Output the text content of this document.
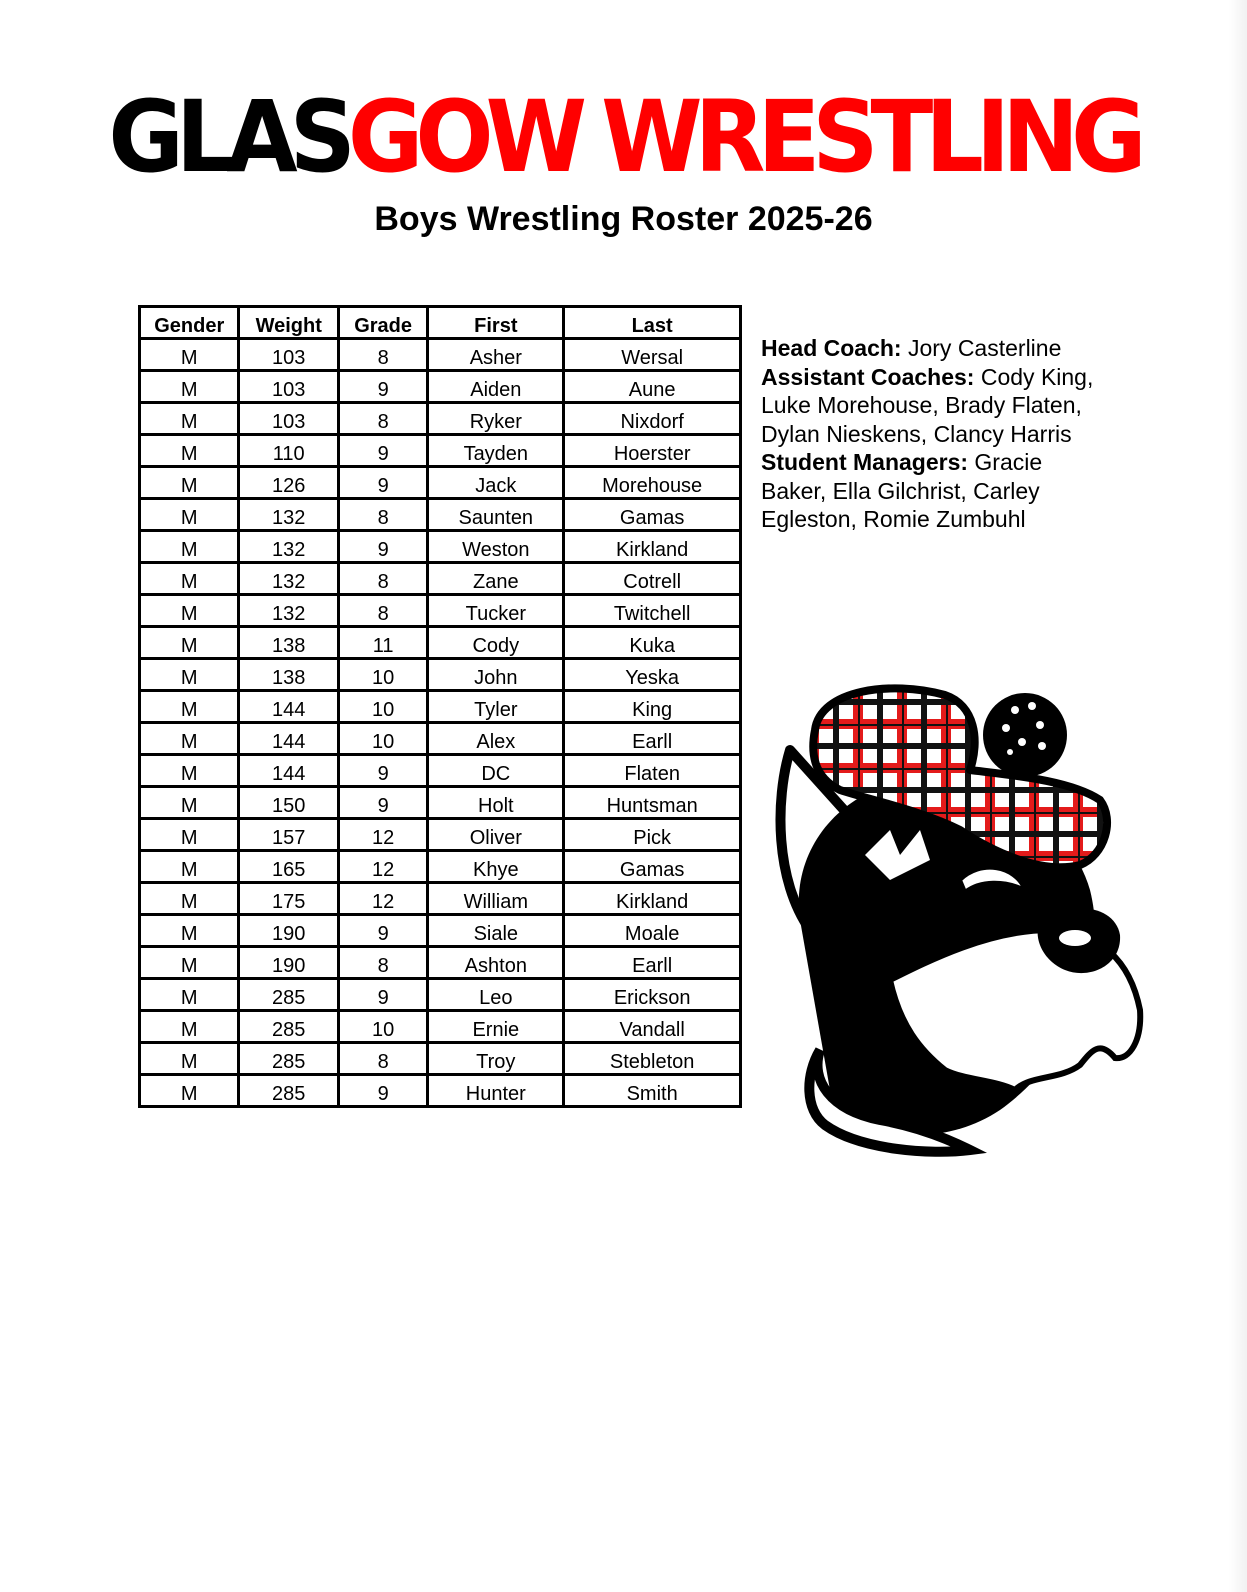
GLASGOW WRESTLING
Boys Wrestling Roster 2025-26
Gender	Weight	Grade	First	Last
M	103	8	Asher	Wersal
M	103	9	Aiden	Aune
M	103	8	Ryker	Nixdorf
M	110	9	Tayden	Hoerster
M	126	9	Jack	Morehouse
M	132	8	Saunten	Gamas
M	132	9	Weston	Kirkland
M	132	8	Zane	Cotrell
M	132	8	Tucker	Twitchell
M	138	11	Cody	Kuka
M	138	10	John	Yeska
M	144	10	Tyler	King
M	144	10	Alex	Earll
M	144	9	DC	Flaten
M	150	9	Holt	Huntsman
M	157	12	Oliver	Pick
M	165	12	Khye	Gamas
M	175	12	William	Kirkland
M	190	9	Siale	Moale
M	190	8	Ashton	Earll
M	285	9	Leo	Erickson
M	285	10	Ernie	Vandall
M	285	8	Troy	Stebleton
M	285	9	Hunter	Smith
Head Coach: Jory Casterline
Assistant Coaches: Cody King, Luke Morehouse, Brady Flaten, Dylan Nieskens, Clancy Harris
Student Managers: Gracie Baker, Ella Gilchrist, Carley Egleston, Romie Zumbuhl
